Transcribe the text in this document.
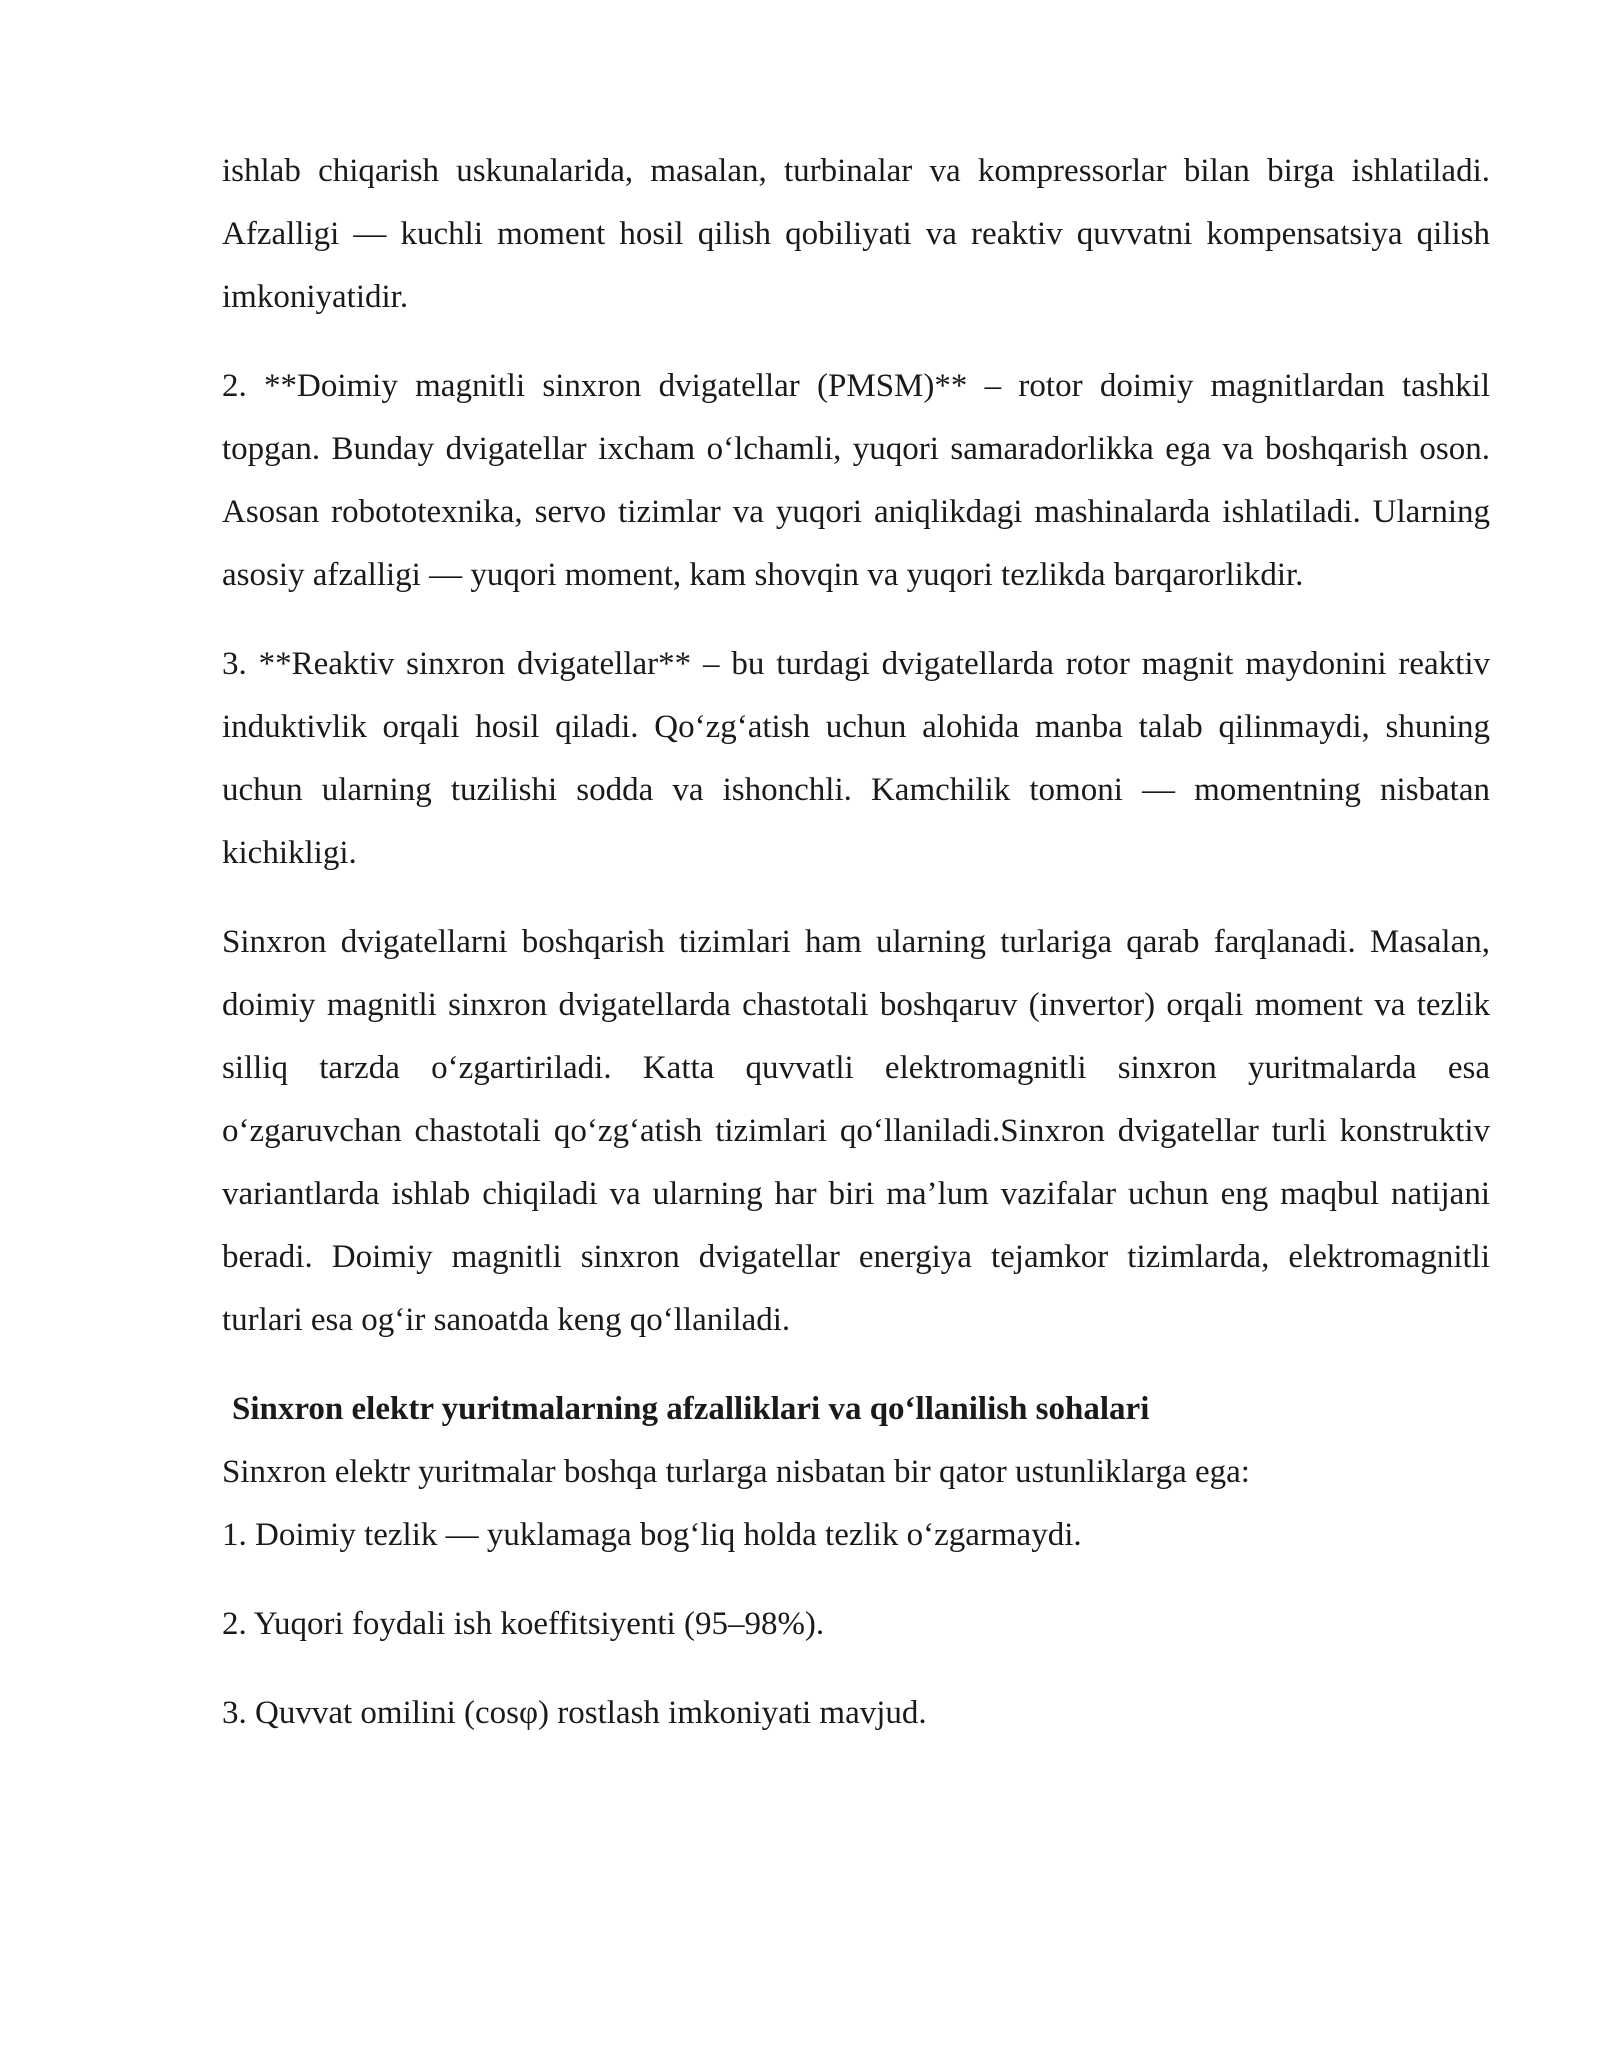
ishlab chiqarish uskunalarida, masalan, turbinalar va kompressorlar bilan birga ishlatiladi. Afzalligi — kuchli moment hosil qilish qobiliyati va reaktiv quvvatni kompensatsiya qilish imkoniyatidir.

2. **Doimiy magnitli sinxron dvigatellar (PMSM)** – rotor doimiy magnitlardan tashkil topgan. Bunday dvigatellar ixcham o‘lchamli, yuqori samaradorlikka ega va boshqarish oson. Asosan robototexnika, servo tizimlar va yuqori aniqlikdagi mashinalarda ishlatiladi. Ularning asosiy afzalligi — yuqori moment, kam shovqin va yuqori tezlikda barqarorlikdir.

3. **Reaktiv sinxron dvigatellar** – bu turdagi dvigatellarda rotor magnit maydonini reaktiv induktivlik orqali hosil qiladi. Qo‘zg‘atish uchun alohida manba talab qilinmaydi, shuning uchun ularning tuzilishi sodda va ishonchli. Kamchilik tomoni — momentning nisbatan kichikligi.

Sinxron dvigatellarni boshqarish tizimlari ham ularning turlariga qarab farqlanadi. Masalan, doimiy magnitli sinxron dvigatellarda chastotali boshqaruv (invertor) orqali moment va tezlik silliq tarzda o‘zgartiriladi. Katta quvvatli elektromagnitli sinxron yuritmalarda esa o‘zgaruvchan chastotali qo‘zg‘atish tizimlari qo‘llaniladi.Sinxron dvigatellar turli konstruktiv variantlarda ishlab chiqiladi va ularning har biri ma’lum vazifalar uchun eng maqbul natijani beradi. Doimiy magnitli sinxron dvigatellar energiya tejamkor tizimlarda, elektromagnitli turlari esa og‘ir sanoatda keng qo‘llaniladi.

Sinxron elektr yuritmalarning afzalliklari va qo‘llanilish sohalari

Sinxron elektr yuritmalar boshqa turlarga nisbatan bir qator ustunliklarga ega:

1. Doimiy tezlik — yuklamaga bog‘liq holda tezlik o‘zgarmaydi.

2. Yuqori foydali ish koeffitsiyenti (95–98%).

3. Quvvat omilini (cosφ) rostlash imkoniyati mavjud.
